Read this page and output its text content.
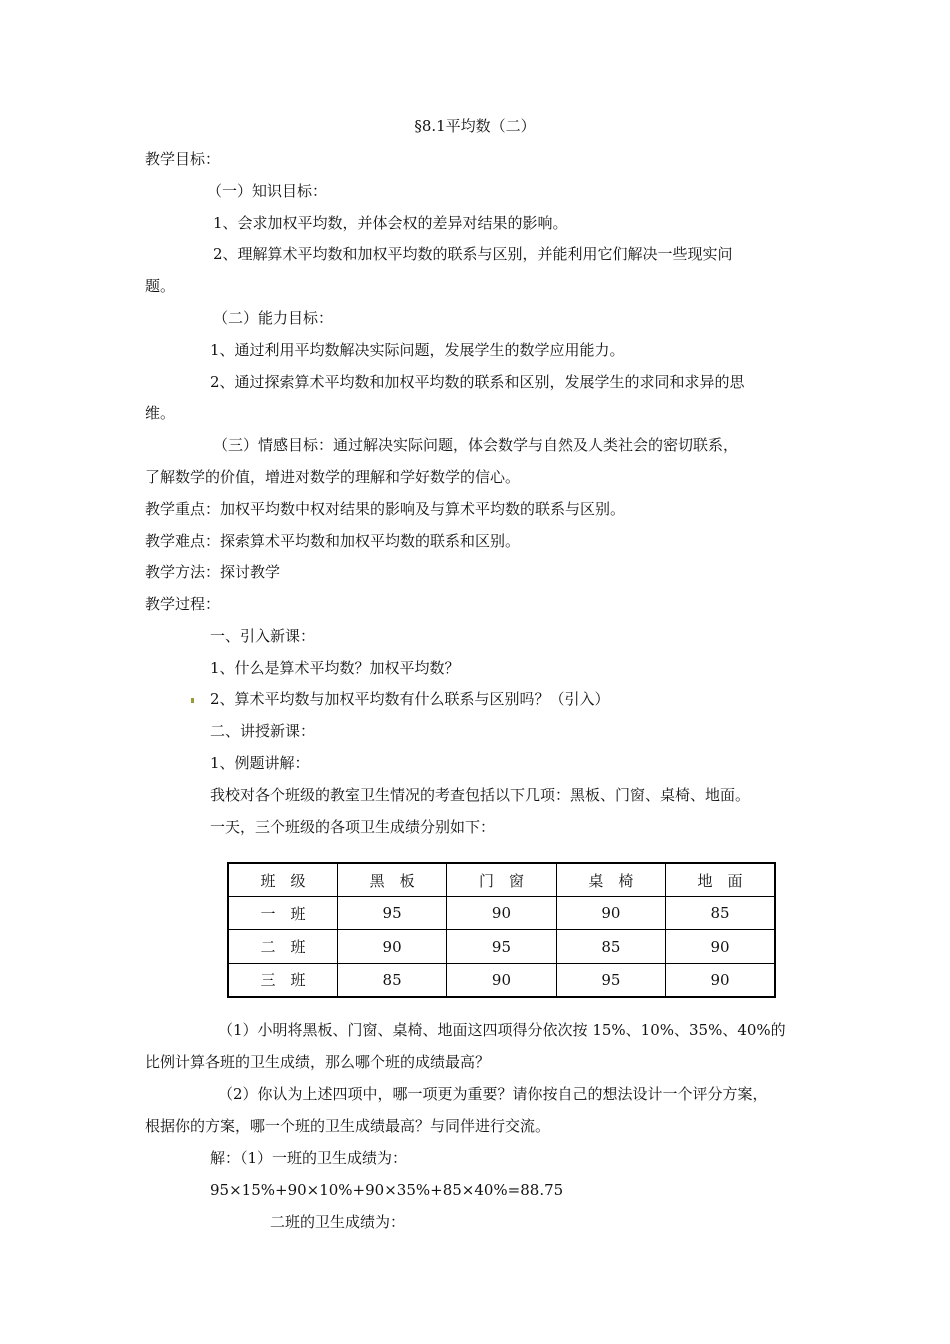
§8.1平均数（二）
教学目标：
（一）知识目标：
1、会求加权平均数，并体会权的差异对结果的影响。
2、理解算术平均数和加权平均数的联系与区别，并能利用它们解决一些现实问
题。
（二）能力目标：
1、通过利用平均数解决实际问题，发展学生的数学应用能力。
2、通过探索算术平均数和加权平均数的联系和区别，发展学生的求同和求异的思
维。
（三）情感目标：通过解决实际问题，体会数学与自然及人类社会的密切联系，
了解数学的价值，增进对数学的理解和学好数学的信心。
教学重点：加权平均数中权对结果的影响及与算术平均数的联系与区别。
教学难点：探索算术平均数和加权平均数的联系和区别。
教学方法：探讨教学
教学过程：
一、引入新课：
1、什么是算术平均数？加权平均数？
2、算术平均数与加权平均数有什么联系与区别吗？（引入）
二、讲授新课：
1、例题讲解：
我校对各个班级的教室卫生情况的考查包括以下几项：黑板、门窗、桌椅、地面。
一天，三个班级的各项卫生成绩分别如下：
班　级	黑　板	门　窗	桌　椅	地　面
一　班	95	90	90	85
二　班	90	95	85	90
三　班	85	90	95	90
（1）小明将黑板、门窗、桌椅、地面这四项得分依次按 15%、10%、35%、40%的
比例计算各班的卫生成绩，那么哪个班的成绩最高？
（2）你认为上述四项中，哪一项更为重要？请你按自己的想法设计一个评分方案，
根据你的方案，哪一个班的卫生成绩最高？与同伴进行交流。
解：（1）一班的卫生成绩为：
95×15%+90×10%+90×35%+85×40%=88.75
二班的卫生成绩为：
